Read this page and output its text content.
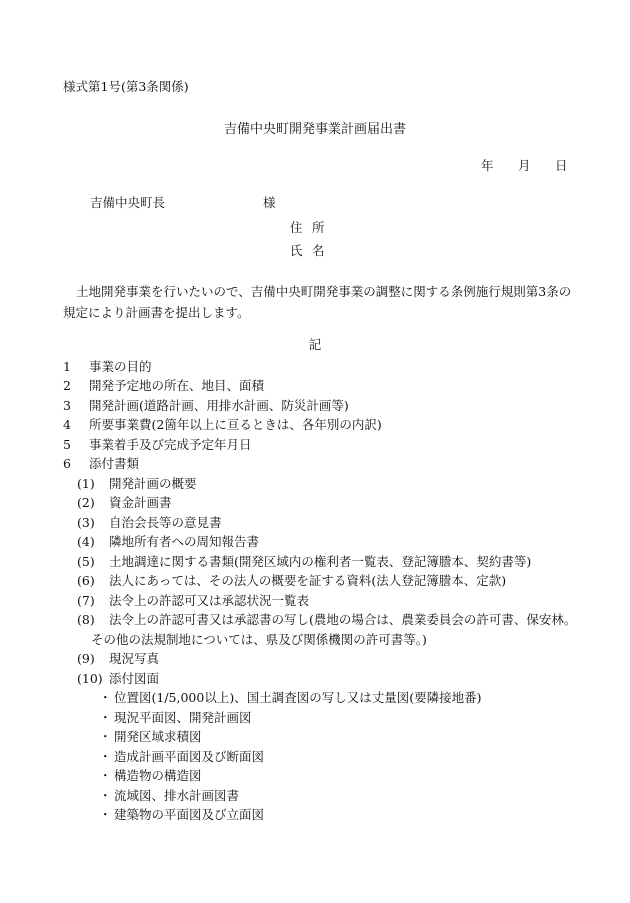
様式第1号(第3条関係)
吉備中央町開発事業計画届出書
年 月 日
吉備中央町長	様
住 所
氏 名
土地開発事業を行いたいので、吉備中央町開発事業の調整に関する条例施行規則第3条の規定により計画書を提出します。
記
1	事業の目的
2	開発予定地の所在、地目、面積
3	開発計画(道路計画、用排水計画、防災計画等)
4	所要事業費(2箇年以上に亘るときは、各年別の内訳)
5	事業着手及び完成予定年月日
6	添付書類
(1)	開発計画の概要
(2)	資金計画書
(3)	自治会長等の意見書
(4)	隣地所有者への周知報告書
(5)	土地調達に関する書類(開発区域内の権利者一覧表、登記簿謄本、契約書等)
(6)	法人にあっては、その法人の概要を証する資料(法人登記簿謄本、定款)
(7)	法令上の許認可又は承認状況一覧表
(8)	法令上の許認可書又は承認書の写し(農地の場合は、農業委員会の許可書、保安林。
その他の法規制地については、県及び関係機関の許可書等。)
(9)	現況写真
(10) 添付図面
・ 位置図(1/5,000以上)、国土調査図の写し又は丈量図(要隣接地番)
・ 現況平面図、開発計画図
・ 開発区域求積図
・ 造成計画平面図及び断面図
・ 構造物の構造図
・ 流域図、排水計画図書
・ 建築物の平面図及び立面図
